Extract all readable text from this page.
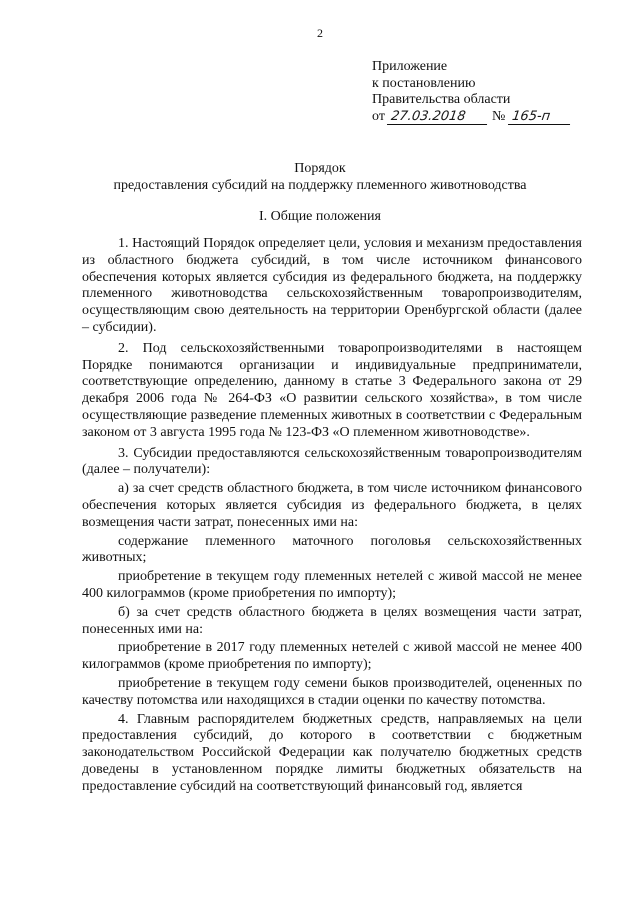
2
Приложение
к постановлению
Правительства области
от 27.03.2018 № 165-п
Порядок
предоставления субсидий на поддержку племенного животноводства
I. Общие положения

1. Настоящий Порядок определяет цели, условия и механизм предоставления из областного бюджета субсидий, в том числе источником финансового обеспечения которых является субсидия из федерального бюджета, на поддержку племенного животноводства сельскохозяйственным товаропроизводителям, осуществляющим свою деятельность на территории Оренбургской области (далее – субсидии).

2. Под сельскохозяйственными товаропроизводителями в настоящем Порядке понимаются организации и индивидуальные предприниматели, соответствующие определению, данному в статье 3 Федерального закона от 29 декабря 2006 года № 264-ФЗ «О развитии сельского хозяйства», в том числе осуществляющие разведение племенных животных в соответствии с Федеральным законом от 3 августа 1995 года № 123-ФЗ «О племенном животноводстве».

3. Субсидии предоставляются сельскохозяйственным товаропроизводителям (далее – получатели):

а) за счет средств областного бюджета, в том числе источником финансового обеспечения которых является субсидия из федерального бюджета, в целях возмещения части затрат, понесенных ими на:

содержание племенного маточного поголовья сельскохозяйственных животных;

приобретение в текущем году племенных нетелей с живой массой не менее 400 килограммов (кроме приобретения по импорту);

б) за счет средств областного бюджета в целях возмещения части затрат, понесенных ими на:

приобретение в 2017 году племенных нетелей с живой массой не менее 400 килограммов (кроме приобретения по импорту);

приобретение в текущем году семени быков производителей, оцененных по качеству потомства или находящихся в стадии оценки по качеству потомства.

4. Главным распорядителем бюджетных средств, направляемых на цели предоставления субсидий, до которого в соответствии с бюджетным законодательством Российской Федерации как получателю бюджетных средств доведены в установленном порядке лимиты бюджетных обязательств на предоставление субсидий на соответствующий финансовый год, является
